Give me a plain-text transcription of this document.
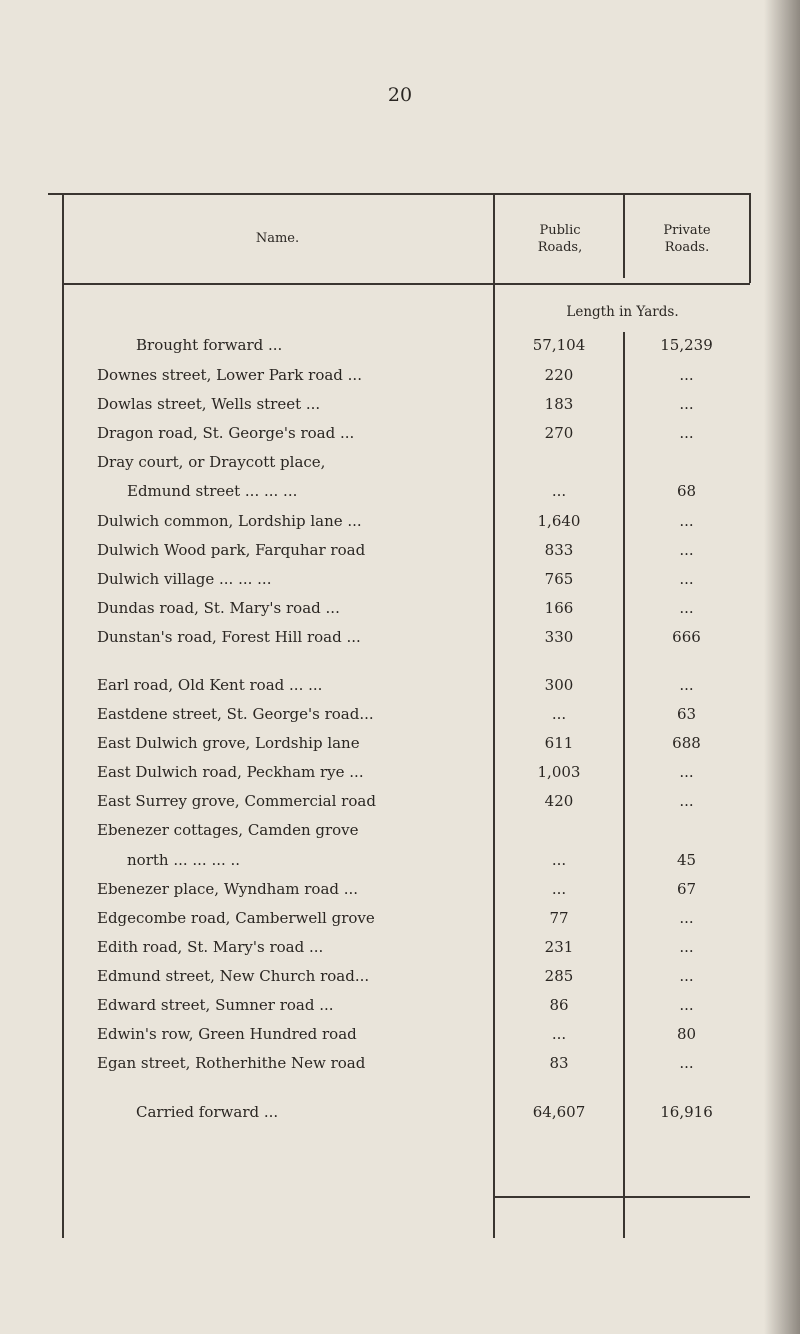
20
Name.
Public Roads,
Private Roads.
Length in Yards.
Brought forward ...	57,104	15,239
Downes street, Lower Park road ...	220	...
Dowlas street, Wells street ...	183	...
Dragon road, St. George's road ...	270	...
Dray court, or Draycott place,
Edmund street ... ... ...	...	68
Dulwich common, Lordship lane ...	1,640	...
Dulwich Wood park, Farquhar road	833	...
Dulwich village ... ... ...	765	...
Dundas road, St. Mary's road ...	166	...
Dunstan's road, Forest Hill road ...	330	666
Earl road, Old Kent road ... ...	300	...
Eastdene street, St. George's road...	...	63
East Dulwich grove, Lordship lane	611	688
East Dulwich road, Peckham rye ...	1,003	...
East Surrey grove, Commercial road	420	...
Ebenezer cottages, Camden grove
north ... ... ... ..	...	45
Ebenezer place, Wyndham road ...	...	67
Edgecombe road, Camberwell grove	77	...
Edith road, St. Mary's road ...	231	...
Edmund street, New Church road...	285	...
Edward street, Sumner road ...	86	...
Edwin's row, Green Hundred road	...	80
Egan street, Rotherhithe New road	83	...
Carried forward ...	64,607	16,916
